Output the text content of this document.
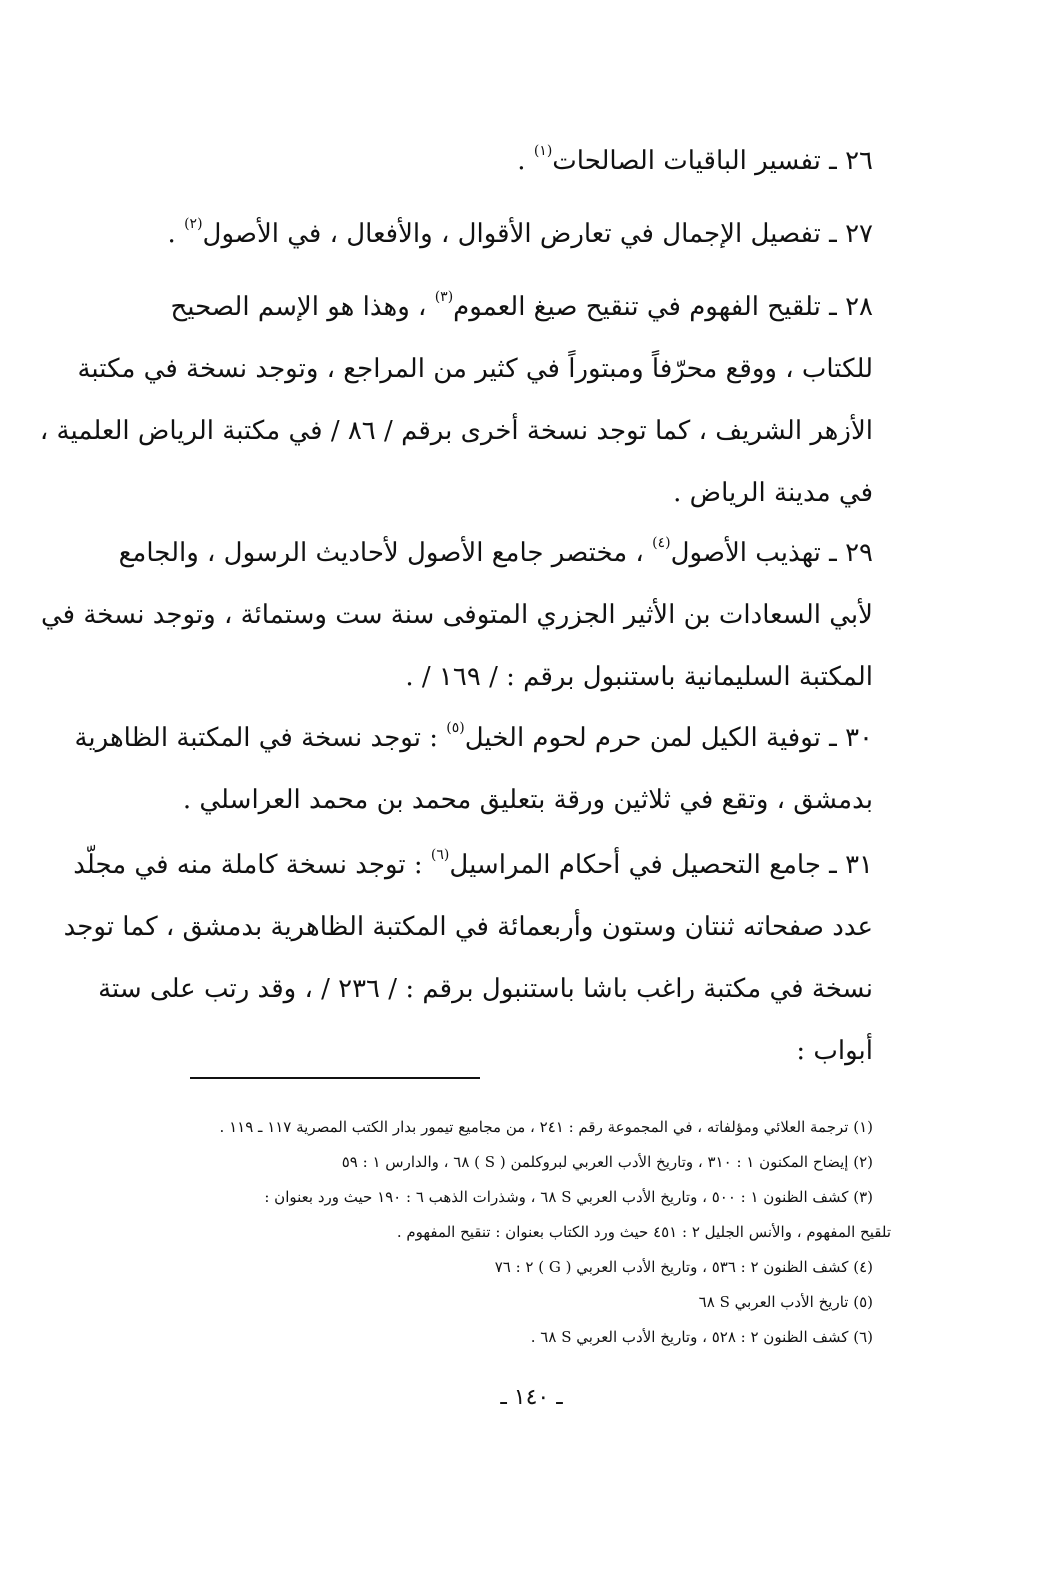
٢٦ ـ تفسير الباقيات الصالحات$^{(١)}$ .
٢٧ ـ تفصيل الإجمال في تعارض الأقوال ، والأفعال ، في الأصول$^{(٢)}$ .
٢٨ ـ تلقيح الفهوم في تنقيح صيغ العموم$^{(٣)}$ ، وهذا هو الإسم الصحيح
للكتاب ، ووقع محرّفاً ومبتوراً في كثير من المراجع ، وتوجد نسخة في مكتبة
الأزهر الشريف ، كما توجد نسخة أخرى برقم / ٨٦ / في مكتبة الرياض العلمية ،
في مدينة الرياض .
٢٩ ـ تهذيب الأصول$^{(٤)}$ ، مختصر جامع الأصول لأحاديث الرسول ، والجامع
لأبي السعادات بن الأثير الجزري المتوفى سنة ست وستمائة ، وتوجد نسخة في
المكتبة السليمانية باستنبول برقم : / ١٦٩ / .
٣٠ ـ توفية الكيل لمن حرم لحوم الخيل$^{(٥)}$ : توجد نسخة في المكتبة الظاهرية
بدمشق ، وتقع في ثلاثين ورقة بتعليق محمد بن محمد العراسلي .
٣١ ـ جامع التحصيل في أحكام المراسيل$^{(٦)}$ : توجد نسخة كاملة منه في مجلّد
عدد صفحاته ثنتان وستون وأربعمائة في المكتبة الظاهرية بدمشق ، كما توجد
نسخة في مكتبة راغب باشا باستنبول برقم : / ٢٣٦ / ، وقد رتب على ستة
أبواب :
(١) ترجمة العلائي ومؤلفاته ، في المجموعة رقم : ٢٤١ ، من مجاميع تيمور بدار الكتب المصرية ١١٧ ـ ١١٩ .
(٢) إيضاح المكنون ١ : ٣١٠ ، وتاريخ الأدب العربي لبروكلمن ( S ) ٦٨ ، والدارس ١ : ٥٩
(٣) كشف الظنون ١ : ٥٠٠ ، وتاريخ الأدب العربي S ٦٨ ، وشذرات الذهب ٦ : ١٩٠ حيث ورد بعنوان :
تلقيح المفهوم ، والأنس الجليل ٢ : ٤٥١ حيث ورد الكتاب بعنوان : تنقيح المفهوم .
(٤) كشف الظنون ٢ : ٥٣٦ ، وتاريخ الأدب العربي ( G ) ٢ : ٧٦
(٥) تاريخ الأدب العربي S ٦٨
(٦) كشف الظنون ٢ : ٥٢٨ ، وتاريخ الأدب العربي S ٦٨ .
ـ ١٤٠ ـ
